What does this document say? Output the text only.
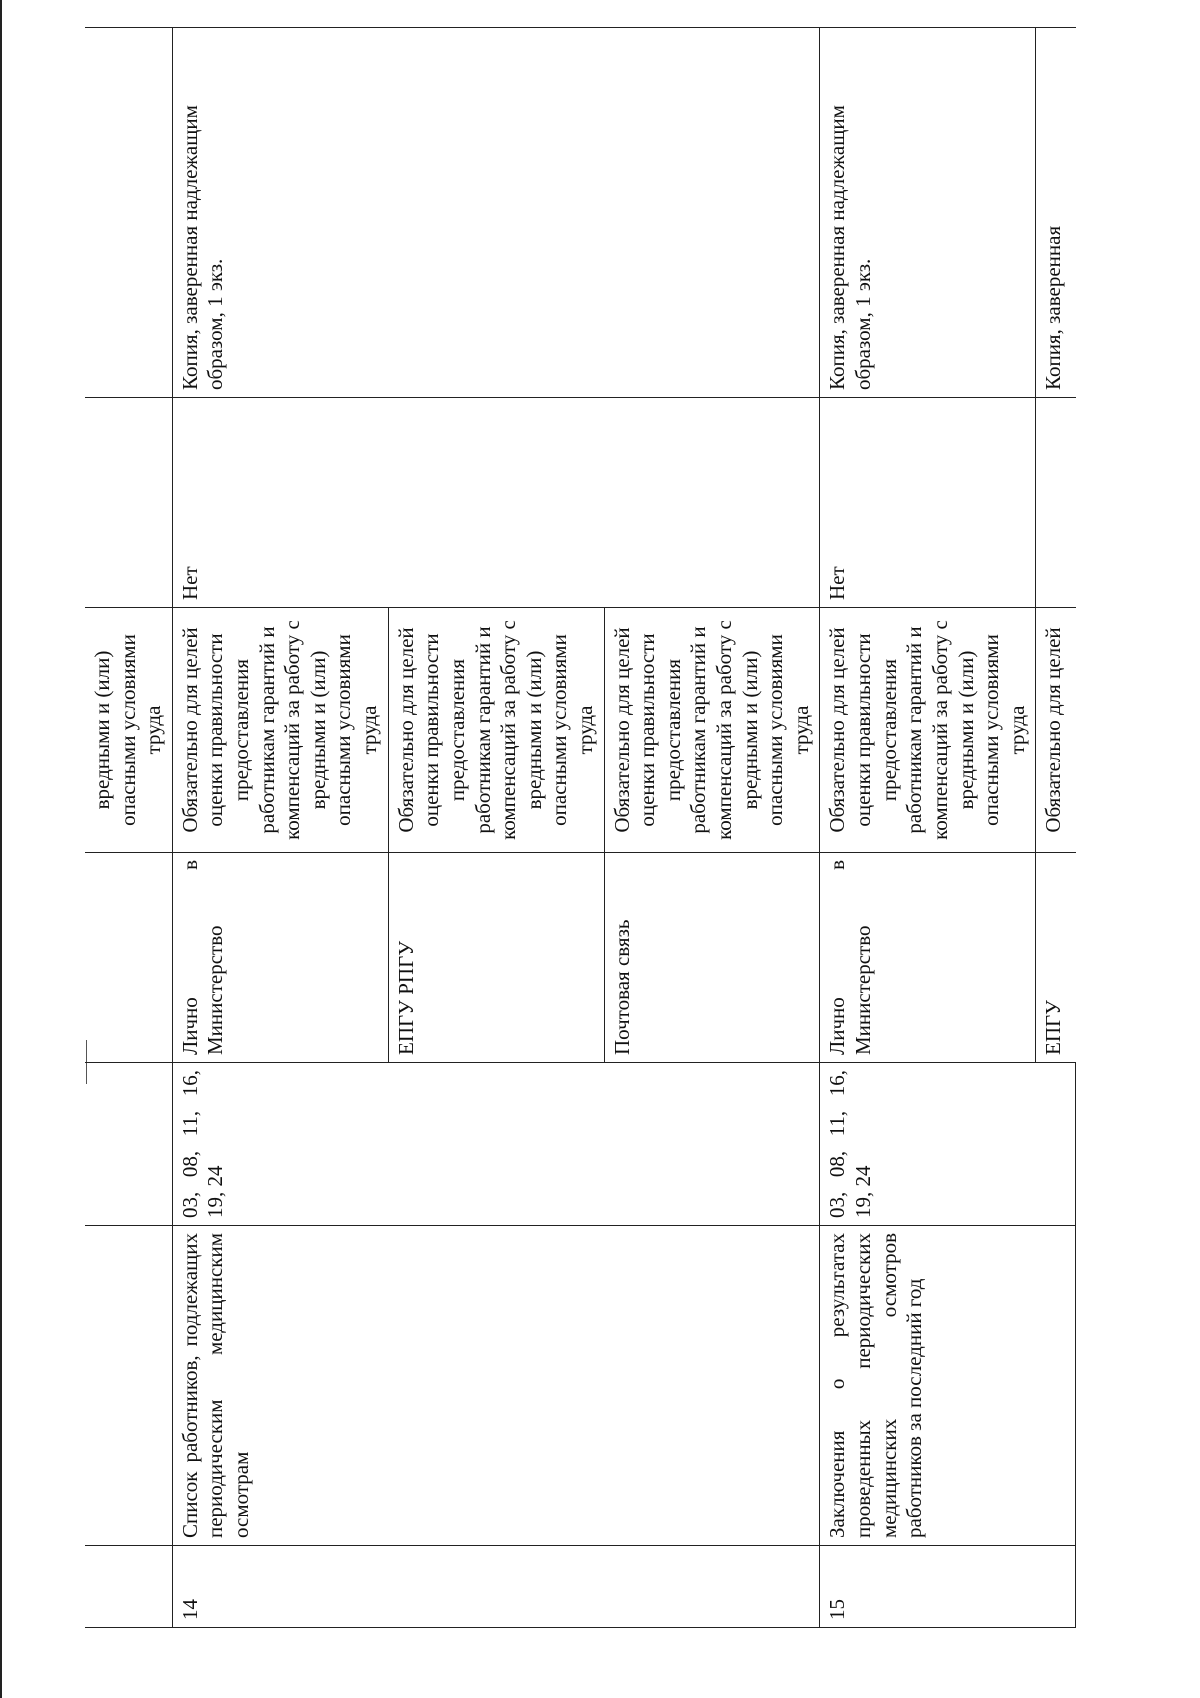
				вредными и (или) опасными условиями труда		
14	Список работников, подлежащих периодическим медицинским осмотрам	03, 08, 11, 16, 19, 24	Лично в Министерство	Обязательно для целей оценки правильности предоставления работникам гарантий и компенсаций за работу с вредными и (или) опасными условиями труда	Нет	Копия, заверенная надлежащим образом, 1 экз.
			ЕПГУ РПГУ	Обязательно для целей оценки правильности предоставления работникам гарантий и компенсаций за работу с вредными и (или) опасными условиями труда		
			Почтовая связь	Обязательно для целей оценки правильности предоставления работникам гарантий и компенсаций за работу с вредными и (или) опасными условиями труда		
15	Заключения о результатах проведенных периодических медицинских осмотров работников за последний год	03, 08, 11, 16, 19, 24	Лично в Министерство	Обязательно для целей оценки правильности предоставления работникам гарантий и компенсаций за работу с вредными и (или) опасными условиями труда	Нет	Копия, заверенная надлежащим образом, 1 экз.
			ЕПГУ	Обязательно для целей		Копия, заверенная
